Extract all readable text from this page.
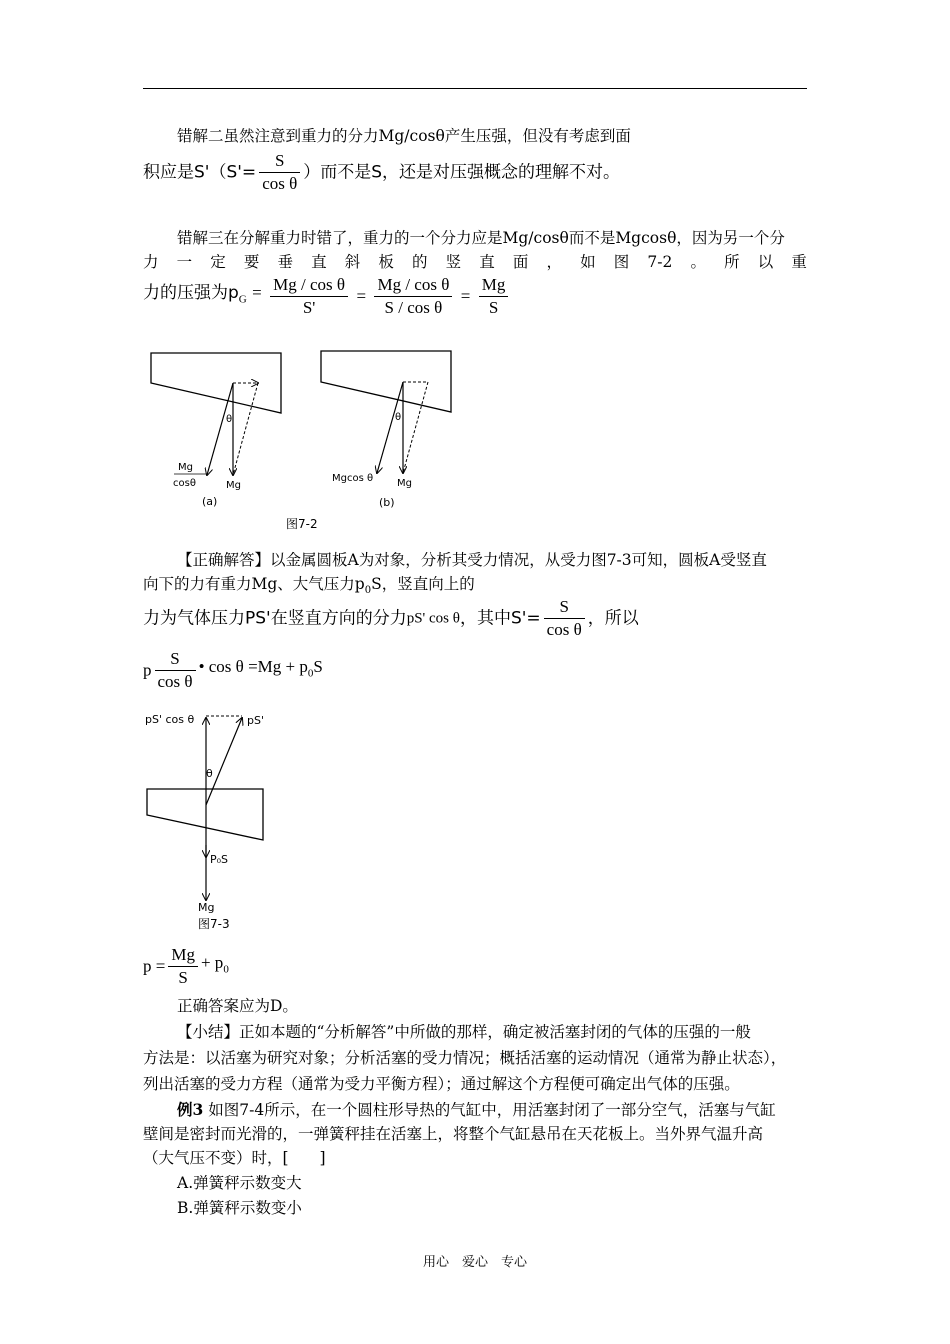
错解二虽然注意到重力的分力Mg/cosθ产生压强，但没有考虑到面
积应是$S'(S'= \frac{S}{\text{cos θ}}$ ）而不是S，还是对压强概念的理解不对。
错解三在分解重力时错了，重力的一个分力应是Mg/cosθ而不是Mgcosθ，因为另一个分
力 一 定 要 垂 直 斜 板 的 竖 直 面 ， 如 图 7-2 。 所 以 重
力的压强为$p_G = \frac{\text{Mg / cos θ}}{S'} = \frac{\text{Mg / cos θ}}{\text{S / cos θ}} = \frac{Mg}{S}$
θ
Mg
cosθ	Mg
(a)
θ
Mgcos θ Mg
(b)
图7-2
【正确解答】以金属圆板A为对象，分析其受力情况，从受力图7-3可知，圆板A受竖直
向下的力有重力Mg、大气压力$p_0S$，竖直向上的
力为气体压力PS'在竖直方向的分力pS' cos θ，其中$S'= \frac{S}{\text{cos θ}}$ ，所以
p $\frac{S}{\text{cos θ}}$ • $\cos \theta =Mg + p_0S$
pS' cos θ	pS'
θ
P₀S
Mg
图7-3
$p = \frac{Mg}{S} + p_0$
正确答案应为D。
【小结】正如本题的“分析解答”中所做的那样，确定被活塞封闭的气体的压强的一般
方法是：以活塞为研究对象；分析活塞的受力情况；概括活塞的运动情况（通常为静止状态），
列出活塞的受力方程（通常为受力平衡方程）；通过解这个方程便可确定出气体的压强。
例3 如图7-4所示，在一个圆柱形导热的气缸中，用活塞封闭了一部分空气，活塞与气缸
壁间是密封而光滑的，一弹簧秤挂在活塞上，将整个气缸悬吊在天花板上。当外界气温升高
（大气压不变）时，[　　]
A.弹簧秤示数变大
B.弹簧秤示数变小
用心　爱心　专心
